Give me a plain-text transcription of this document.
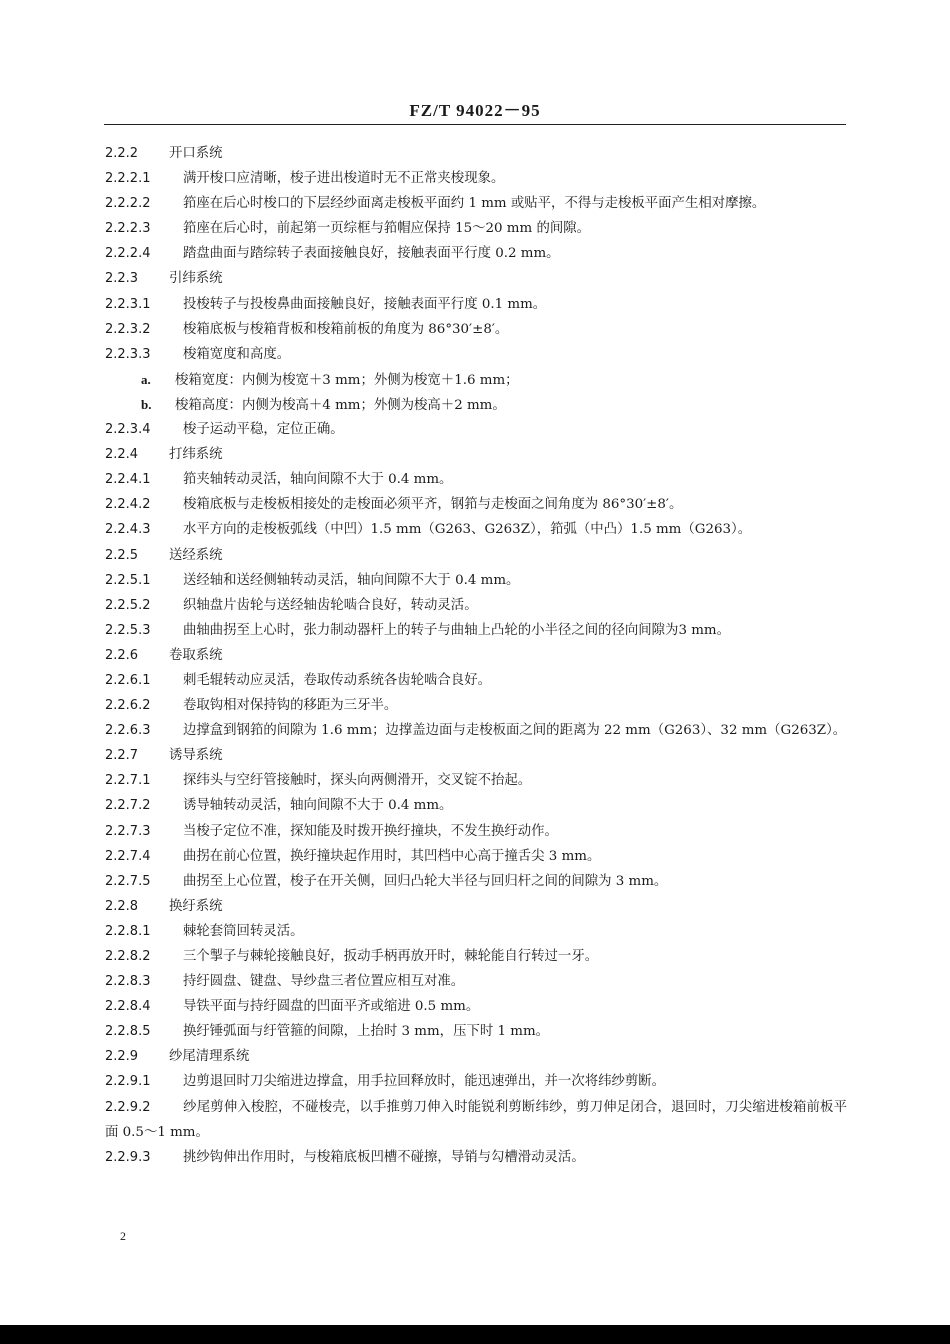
FZ/T 94022－95
2.2.2 开口系统
2.2.2.1 满开梭口应清晰，梭子进出梭道时无不正常夹梭现象。
2.2.2.2 筘座在后心时梭口的下层经纱面离走梭板平面约 1 mm 或贴平，不得与走梭板平面产生相对摩擦。
2.2.2.3 筘座在后心时，前起第一页综框与筘帽应保持 15～20 mm 的间隙。
2.2.2.4 踏盘曲面与踏综转子表面接触良好，接触表面平行度 0.2 mm。
2.2.3 引纬系统
2.2.3.1 投梭转子与投梭鼻曲面接触良好，接触表面平行度 0.1 mm。
2.2.3.2 梭箱底板与梭箱背板和梭箱前板的角度为 86°30′±8′。
2.2.3.3 梭箱宽度和高度。
a. 梭箱宽度：内侧为梭宽＋3 mm；外侧为梭宽＋1.6 mm；
b. 梭箱高度：内侧为梭高＋4 mm；外侧为梭高＋2 mm。
2.2.3.4 梭子运动平稳，定位正确。
2.2.4 打纬系统
2.2.4.1 筘夹轴转动灵活，轴向间隙不大于 0.4 mm。
2.2.4.2 梭箱底板与走梭板相接处的走梭面必须平齐，钢筘与走梭面之间角度为 86°30′±8′。
2.2.4.3 水平方向的走梭板弧线（中凹）1.5 mm（G263、G263Z），筘弧（中凸）1.5 mm（G263）。
2.2.5 送经系统
2.2.5.1 送经轴和送经侧轴转动灵活，轴向间隙不大于 0.4 mm。
2.2.5.2 织轴盘片齿轮与送经轴齿轮啮合良好，转动灵活。
2.2.5.3 曲轴曲拐至上心时，张力制动器杆上的转子与曲轴上凸轮的小半径之间的径向间隙为3 mm。
2.2.6 卷取系统
2.2.6.1 刺毛辊转动应灵活，卷取传动系统各齿轮啮合良好。
2.2.6.2 卷取钩相对保持钩的移距为三牙半。
2.2.6.3 边撑盒到钢筘的间隙为 1.6 mm；边撑盖边面与走梭板面之间的距离为 22 mm（G263）、32 mm（G263Z）。
2.2.7 诱导系统
2.2.7.1 探纬头与空纡管接触时，探头向两侧滑开，交叉锭不抬起。
2.2.7.2 诱导轴转动灵活，轴向间隙不大于 0.4 mm。
2.2.7.3 当梭子定位不准，探知能及时拨开换纡撞块，不发生换纡动作。
2.2.7.4 曲拐在前心位置，换纡撞块起作用时，其凹档中心高于撞舌尖 3 mm。
2.2.7.5 曲拐至上心位置，梭子在开关侧，回归凸轮大半径与回归杆之间的间隙为 3 mm。
2.2.8 换纡系统
2.2.8.1 棘轮套筒回转灵活。
2.2.8.2 三个掣子与棘轮接触良好，扳动手柄再放开时，棘轮能自行转过一牙。
2.2.8.3 持纡圆盘、键盘、导纱盘三者位置应相互对准。
2.2.8.4 导铁平面与持纡圆盘的凹面平齐或缩进 0.5 mm。
2.2.8.5 换纡锤弧面与纡管箍的间隙，上抬时 3 mm，压下时 1 mm。
2.2.9 纱尾清理系统
2.2.9.1 边剪退回时刀尖缩进边撑盒，用手拉回释放时，能迅速弹出，并一次将纬纱剪断。
2.2.9.2 纱尾剪伸入梭腔，不碰梭壳，以手推剪刀伸入时能锐利剪断纬纱，剪刀伸足闭合，退回时，刀尖缩进梭箱前板平面 0.5～1 mm。
2.2.9.3 挑纱钩伸出作用时，与梭箱底板凹槽不碰擦，导销与勾槽滑动灵活。
2
